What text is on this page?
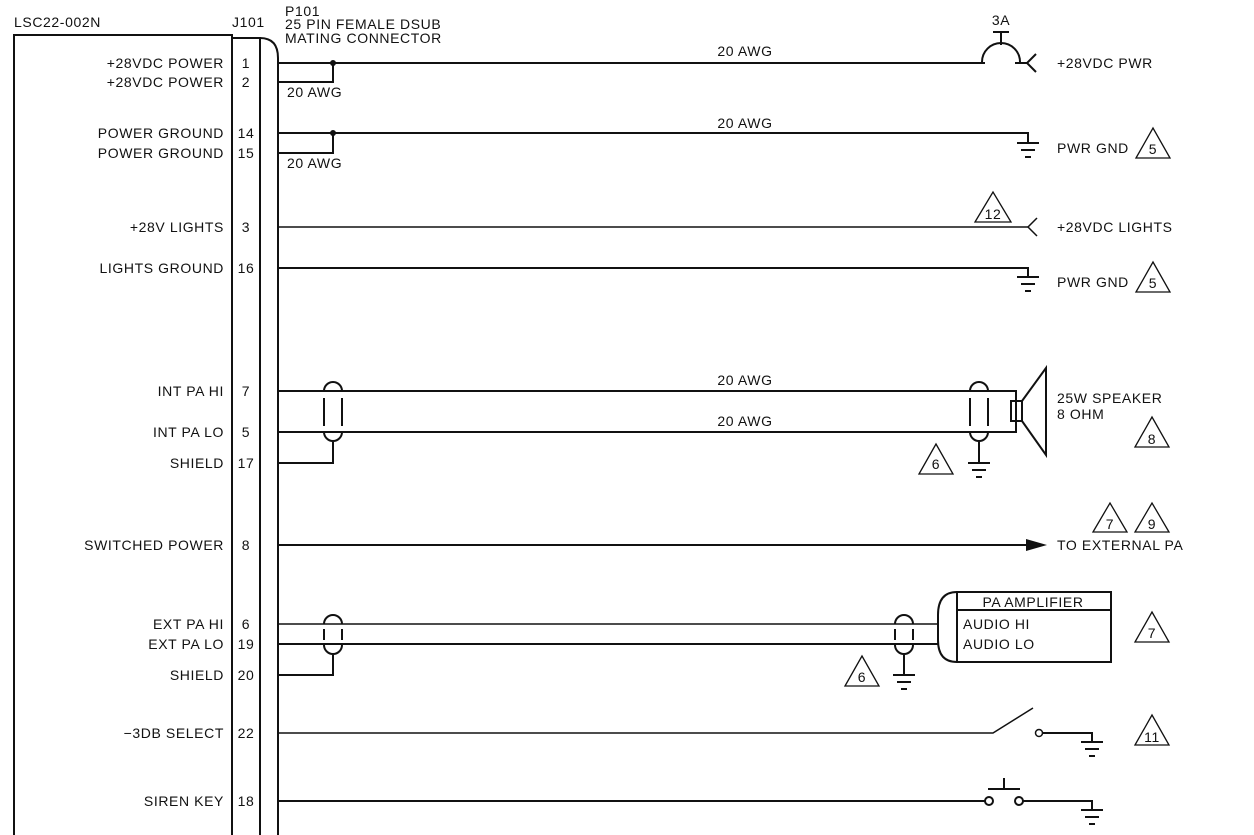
LSC22-002N	J101
P101
25 PIN FEMALE DSUB
MATING CONNECTOR
+28VDC POWER
+28VDC POWER
POWER GROUND
POWER GROUND
+28V LIGHTS
LIGHTS GROUND
INT PA HI
INT PA LO
SHIELD
SWITCHED POWER
EXT PA HI
EXT PA LO
SHIELD
−3DB SELECT
SIREN KEY
1
2
14
15
3
16
7
5
17
8
6
19
20
22
18
3A
20 AWG
20 AWG
+28VDC PWR
20 AWG
20 AWG
PWR GND 5
12
+28VDC LIGHTS
PWR GND 5
20 AWG
20 AWG
6
25W SPEAKER
8 OHM
8
7 9
TO EXTERNAL PA
6
PA AMPLIFIER
AUDIO HI
AUDIO LO
7
11
